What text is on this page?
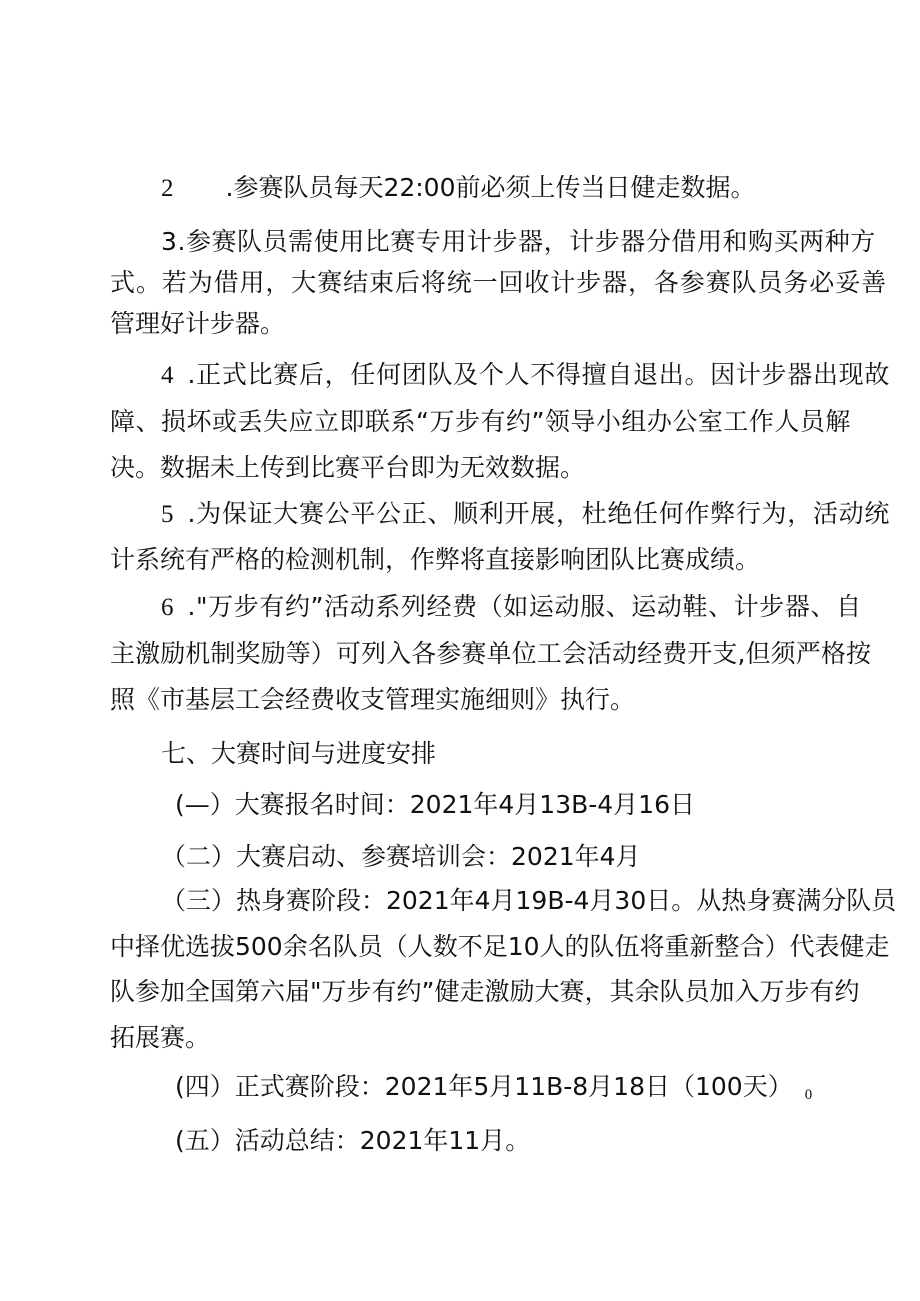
2 .参赛队员每天22:00前必须上传当日健走数据。
3.参赛队员需使用比赛专用计步器，计步器分借用和购买两种方
式。若为借用，大赛结束后将统一回收计步器，各参赛队员务必妥善
管理好计步器。
4 .正式比赛后，任何团队及个人不得擅自退出。因计步器出现故
障、损坏或丢失应立即联系“万步有约”领导小组办公室工作人员解
决。数据未上传到比赛平台即为无效数据。
5 .为保证大赛公平公正、顺利开展，杜绝任何作弊行为，活动统
计系统有严格的检测机制，作弊将直接影响团队比赛成绩。
6 ."万步有约”活动系列经费（如运动服、运动鞋、计步器、自
主激励机制奖励等）可列入各参赛单位工会活动经费开支,但须严格按
照《市基层工会经费收支管理实施细则》执行。
七、大赛时间与进度安排
(—）大赛报名时间：2021年4月13B-4月16日
（二）大赛启动、参赛培训会：2021年4月
（三）热身赛阶段：2021年4月19B-4月30日。从热身赛满分队员
中择优选拔500余名队员（人数不足10人的队伍将重新整合）代表健走
队参加全国第六届"万步有约”健走激励大赛，其余队员加入万步有约
拓展赛。
(四）正式赛阶段：2021年5月11B-8月18日（100天） 0
(五）活动总结：2021年11月。
